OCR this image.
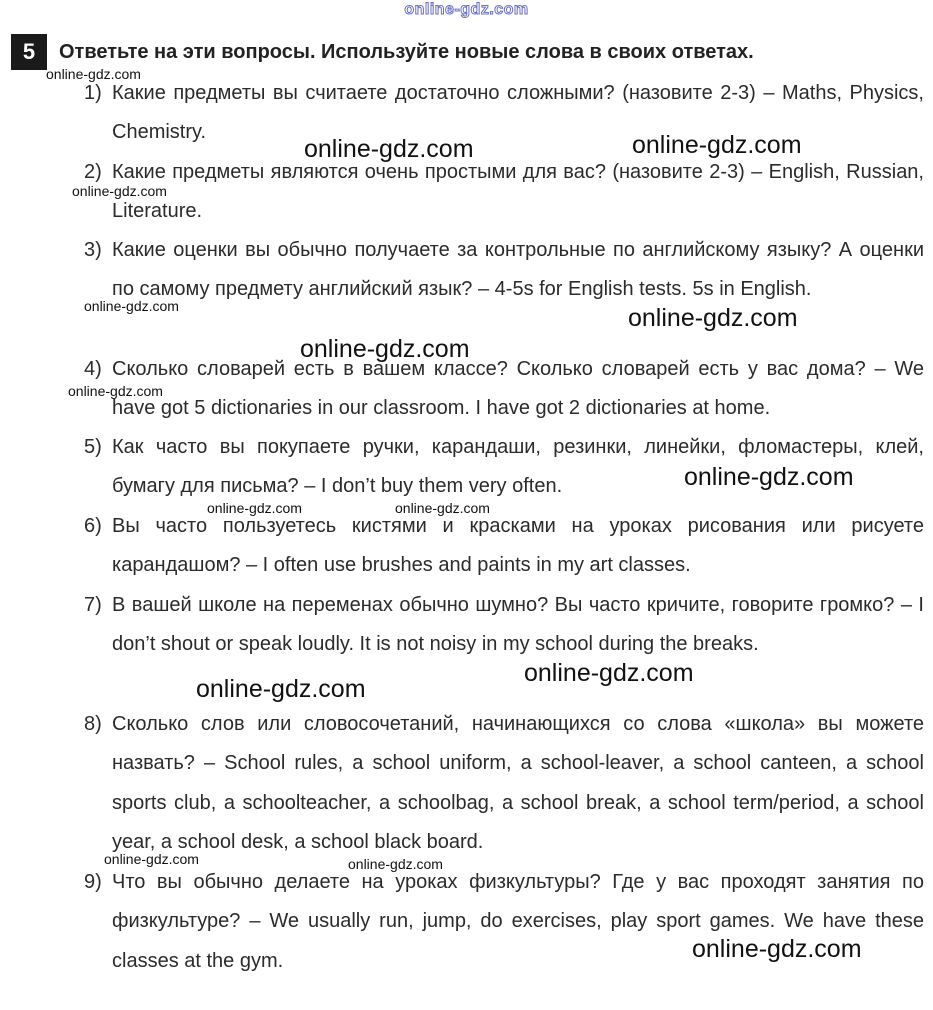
online-gdz.com
5	Ответьте на эти вопросы. Используйте новые слова в своих ответах.
1) Какие предметы вы считаете достаточно сложными? (назовите 2-3) – Maths, Physics, Chemistry.
2) Какие предметы являются очень простыми для вас? (назовите 2-3) – English, Russian, Literature.
3) Какие оценки вы обычно получаете за контрольные по английскому языку? А оценки по самому предмету английский язык? – 4-5s for English tests. 5s in English.
4) Сколько словарей есть в вашем классе? Сколько словарей есть у вас дома? – We have got 5 dictionaries in our classroom. I have got 2 dictionaries at home.
5) Как часто вы покупаете ручки, карандаши, резинки, линейки, фломастеры, клей, бумагу для письма? – I don’t buy them very often.
6) Вы часто пользуетесь кистями и красками на уроках рисования или рисуете карандашом? – I often use brushes and paints in my art classes.
7) В вашей школе на переменах обычно шумно? Вы часто кричите, говорите громко? – I don’t shout or speak loudly. It is not noisy in my school during the breaks.
8) Сколько слов или словосочетаний, начинающихся со слова «школа» вы можете назвать? – School rules, a school uniform, a school-leaver, a school canteen, a school sports club, a schoolteacher, a schoolbag, a school break, a school term/period, a school year, a school desk, a school black board.
9) Что вы обычно делаете на уроках физкультуры? Где у вас проходят занятия по физкультуре? – We usually run, jump, do exercises, play sport games. We have these classes at the gym.
online-gdz.com
online-gdz.com	online-gdz.com
online-gdz.com
online-gdz.com	online-gdz.com
online-gdz.com
online-gdz.com
online-gdz.com
online-gdz.com	online-gdz.com
online-gdz.com
online-gdz.com
online-gdz.com	online-gdz.com
online-gdz.com
